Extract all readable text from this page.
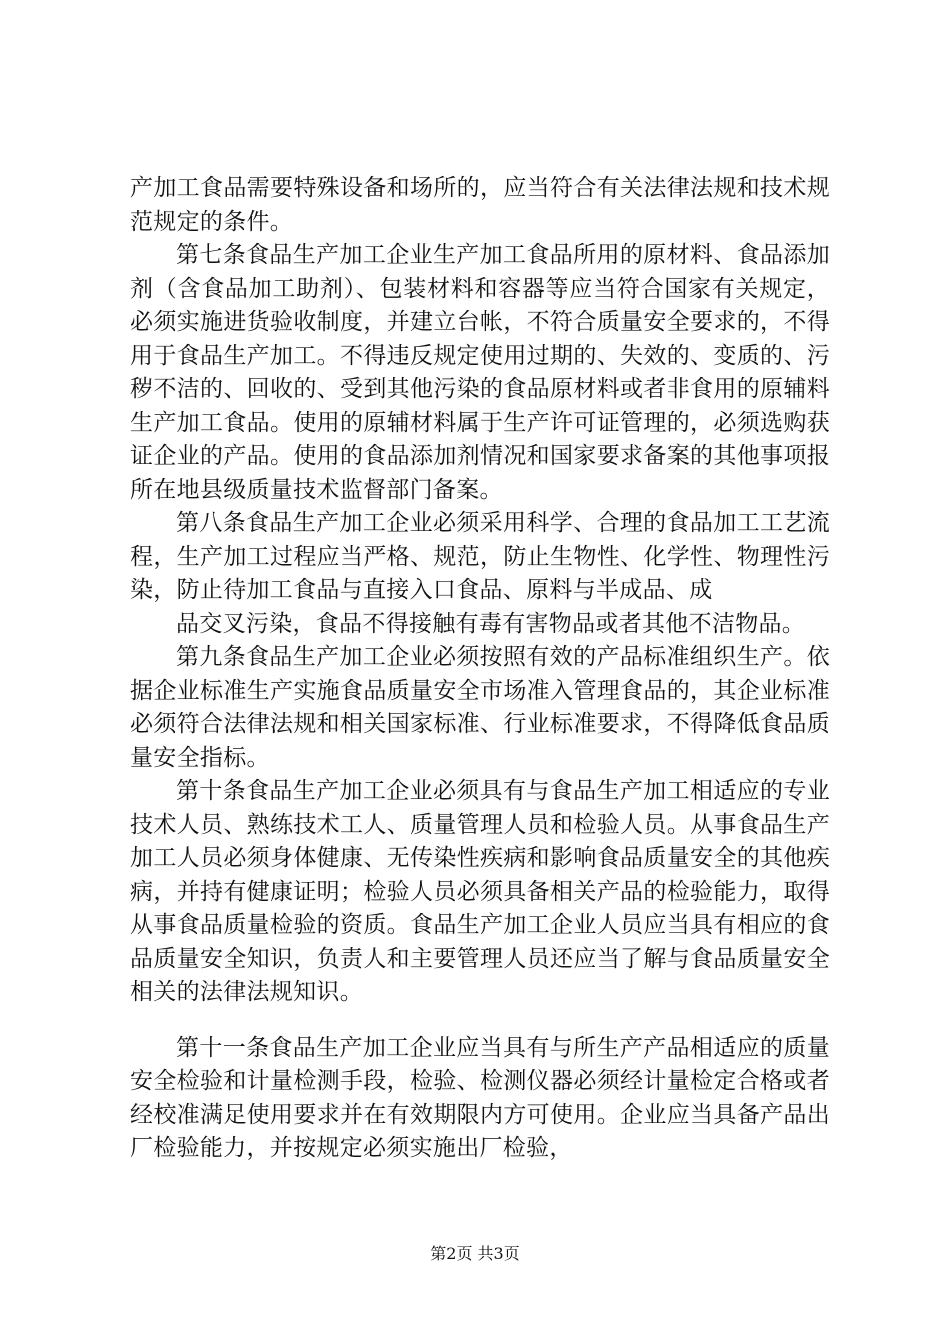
产加工食品需要特殊设备和场所的，应当符合有关法律法规和技术规范规定的条件。

第七条食品生产加工企业生产加工食品所用的原材料、食品添加剂（含食品加工助剂）、包装材料和容器等应当符合国家有关规定，必须实施进货验收制度，并建立台帐，不符合质量安全要求的，不得用于食品生产加工。不得违反规定使用过期的、失效的、变质的、污秽不洁的、回收的、受到其他污染的食品原材料或者非食用的原辅料生产加工食品。使用的原辅材料属于生产许可证管理的，必须选购获证企业的产品。使用的食品添加剂情况和国家要求备案的其他事项报所在地县级质量技术监督部门备案。

第八条食品生产加工企业必须采用科学、合理的食品加工工艺流程，生产加工过程应当严格、规范，防止生物性、化学性、物理性污染，防止待加工食品与直接入口食品、原料与半成品、成

品交叉污染，食品不得接触有毒有害物品或者其他不洁物品。

第九条食品生产加工企业必须按照有效的产品标准组织生产。依据企业标准生产实施食品质量安全市场准入管理食品的，其企业标准必须符合法律法规和相关国家标准、行业标准要求，不得降低食品质量安全指标。

第十条食品生产加工企业必须具有与食品生产加工相适应的专业技术人员、熟练技术工人、质量管理人员和检验人员。从事食品生产加工人员必须身体健康、无传染性疾病和影响食品质量安全的其他疾病，并持有健康证明；检验人员必须具备相关产品的检验能力，取得从事食品质量检验的资质。食品生产加工企业人员应当具有相应的食品质量安全知识，负责人和主要管理人员还应当了解与食品质量安全相关的法律法规知识。

第十一条食品生产加工企业应当具有与所生产产品相适应的质量安全检验和计量检测手段，检验、检测仪器必须经计量检定合格或者经校准满足使用要求并在有效期限内方可使用。企业应当具备产品出厂检验能力，并按规定必须实施出厂检验，

第2页 共3页
